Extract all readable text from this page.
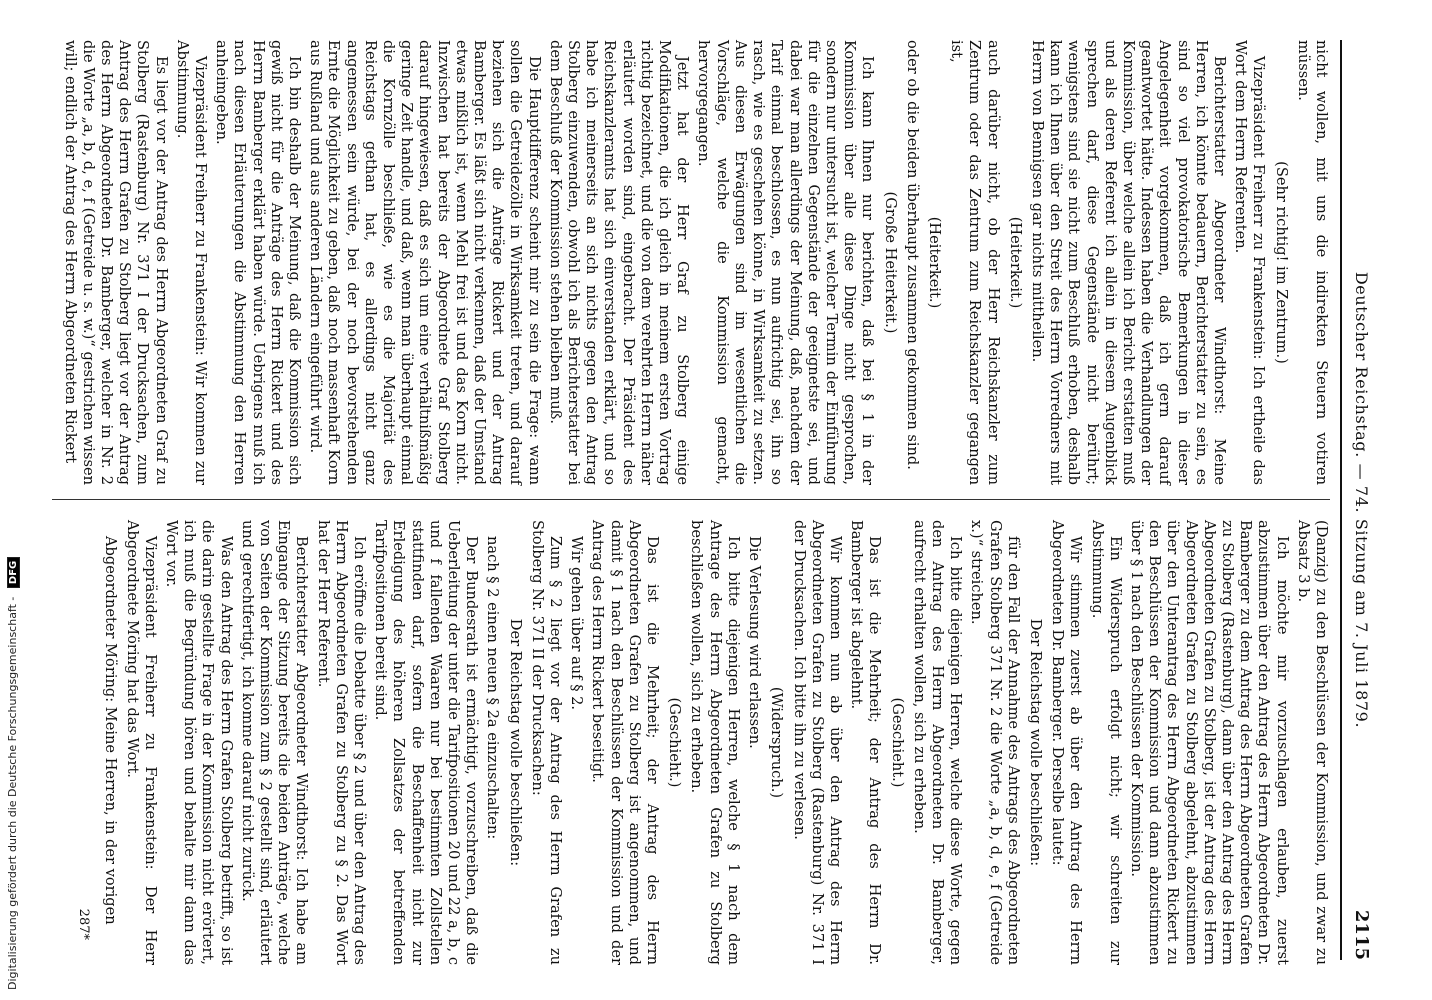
Deutscher Reichstag. — 74. Sitzung am 7. Juli 1879.
2115

nicht wollen, mit uns die indirekten Steuern votiren müssen.

(Sehr richtig! im Zentrum.)

Vizepräsident Freiherr zu Frankenstein: Ich ertheile das Wort dem Herrn Referenten.

Berichterstatter Abgeordneter Windthorst: Meine Herren, ich könnte bedauern, Berichterstatter zu sein, es sind so viel provokatorische Bemerkungen in dieser Angelegenheit vorgekommen, daß ich gern darauf geantwortet hätte. Indessen haben die Verhandlungen der Kommission, über welche allein ich Bericht erstatten muß und als deren Referent ich allein in diesem Augenblick sprechen darf, diese Gegenstände nicht berührt; wenigstens sind sie nicht zum Beschluß erhoben, deshalb kann ich Ihnen über den Streit des Herrn Vorredners mit Herrn von Bennigsen gar nichts mittheilen.

(Heiterkeit.)

auch darüber nicht, ob der Herr Reichskanzler zum Zentrum oder das Zentrum zum Reichskanzler gegangen ist,

(Heiterkeit.)

oder ob die beiden überhaupt zusammen gekommen sind.

(Große Heiterkeit.)

Ich kann Ihnen nur berichten, daß bei § 1 in der Kommission über alle diese Dinge nicht gesprochen, sondern nur untersucht ist, welcher Termin der Einführung für die einzelnen Gegenstände der geeignetste sei, und dabei war man allerdings der Meinung, daß, nachdem der Tarif einmal beschlossen, es nun aufrichtig sei, ihn so rasch, wie es geschehen könne, in Wirksamkeit zu setzen. Aus diesen Erwägungen sind im wesentlichen die Vorschläge, welche die Kommission gemacht, hervorgegangen.

Jetzt hat der Herr Graf zu Stolberg einige Modifikationen, die ich gleich in meinem ersten Vortrag richtig bezeichnet, und die von dem verehrten Herrn näher erläutert worden sind, eingebracht. Der Präsident des Reichskanzleramts hat sich einverstanden erklärt, und so habe ich meinerseits an sich nichts gegen den Antrag Stolberg einzuwenden, obwohl ich als Berichterstatter bei dem Beschluß der Kommission stehen bleiben muß.

Die Hauptdifferenz scheint mir zu sein die Frage: wann sollen die Getreidezölle in Wirksamkeit treten, und darauf beziehen sich die Anträge Rickert und der Antrag Bamberger. Es läßt sich nicht verkennen, daß der Umstand etwas mißlich ist, wenn Mehl frei ist und das Korn nicht. Inzwischen hat bereits der Abgeordnete Graf Stolberg darauf hingewiesen, daß es sich um eine verhältnißmäßig geringe Zeit handle, und daß, wenn man überhaupt einmal die Kornzölle beschließe, wie es die Majorität des Reichstags gethan hat, es allerdings nicht ganz angemessen sein würde, bei der noch bevorstehenden Ernte die Möglichkeit zu geben, daß noch massenhaft Korn aus Rußland und aus anderen Ländern eingeführt wird.

Ich bin deshalb der Meinung, daß die Kommission sich gewiß nicht für die Anträge des Herrn Rickert und des Herrn Bamberger erklärt haben würde. Uebrigens muß ich nach diesen Erläuterungen die Abstimmung den Herren anheimgeben.

Vizepräsident Freiherr zu Frankenstein: Wir kommen zur Abstimmung.

Es liegt vor der Antrag des Herrn Abgeordneten Graf zu Stolberg (Rastenburg) Nr. 371 I der Drucksachen, zum Antrag des Herrn Grafen zu Stolberg liegt vor der Antrag des Herrn Abgeordneten Dr. Bamberger, welcher in Nr. 2 die Worte „a, b, d, e, f (Getreide u. s. w.)“ gestrichen wissen will; endlich der Antrag des Herrn Abgeordneten Rickert

(Danzig) zu den Beschlüssen der Kommission, und zwar zu Absatz 3 b.

Ich möchte mir vorzuschlagen erlauben, zuerst abzustimmen über den Antrag des Herrn Abgeordneten Dr. Bamberger zu dem Antrag des Herrn Abgeordneten Grafen zu Stolberg (Rastenburg), dann über den Antrag des Herrn Abgeordneten Grafen zu Stolberg, ist der Antrag des Herrn Abgeordneten Grafen zu Stolberg abgelehnt, abzustimmen über den Unterantrag des Herrn Abgeordneten Rickert zu den Beschlüssen der Kommission und dann abzustimmen über § 1 nach den Beschlüssen der Kommission.

Ein Widerspruch erfolgt nicht; wir schreiten zur Abstimmung.

Wir stimmen zuerst ab über den Antrag des Herrn Abgeordneten Dr. Bamberger. Derselbe lautet:

Der Reichstag wolle beschließen:

für den Fall der Annahme des Antrags des Abgeordneten Grafen Stolberg 371 Nr. 2 die Worte „a, b, d, e, f (Getreide x.)“ streichen.

Ich bitte diejenigen Herren, welche diese Worte, gegen den Antrag des Herrn Abgeordneten Dr. Bamberger, aufrecht erhalten wollen, sich zu erheben.

(Geschieht.)

Das ist die Mehrheit; der Antrag des Herrn Dr. Bamberger ist abgelehnt.

Wir kommen nun ab über den Antrag des Herrn Abgeordneten Grafen zu Stolberg (Rastenburg) Nr. 371 I der Drucksachen. Ich bitte ihn zu verlesen.

(Widerspruch.)

Die Verlesung wird erlassen.

Ich bitte diejenigen Herren, welche § 1 nach dem Antrage des Herrn Abgeordneten Grafen zu Stolberg beschließen wollen, sich zu erheben.

(Geschieht.)

Das ist die Mehrheit; der Antrag des Herrn Abgeordneten Grafen zu Stolberg ist angenommen, und damit § 1 nach den Beschlüssen der Kommission und der Antrag des Herrn Rickert beseitigt.

Wir gehen über auf § 2.

Zum § 2 liegt vor der Antrag des Herrn Grafen zu Stolberg Nr. 371 II der Drucksachen:

Der Reichstag wolle beschließen:

nach § 2 einen neuen § 2a einzuschalten:

Der Bundesrath ist ermächtigt, vorzuschreiben, daß die Ueberleitung der unter die Tarifpositionen 20 und 22 a, b, c und f fallenden Waaren nur bei bestimmten Zollstellen stattfinden darf, sofern die Beschaffenheit nicht zur Erledigung des höheren Zollsatzes der betreffenden Tarifpositionen bereit sind.

Ich eröffne die Debatte über § 2 und über den Antrag des Herrn Abgeordneten Grafen zu Stolberg zu § 2. Das Wort hat der Herr Referent.

Berichterstatter Abgeordneter Windthorst: Ich habe am Eingange der Sitzung bereits die beiden Anträge, welche von Seiten der Kommission zum § 2 gestellt sind, erläutert und gerechtfertigt, ich komme darauf nicht zurück.

Was den Antrag des Herrn Grafen Stolberg betrifft, so ist die darin gestellte Frage in der Kommission nicht erörtert, ich muß die Begründung hören und behalte mir dann das Wort vor.

Vizepräsident Freiherr zu Frankenstein: Der Herr Abgeordnete Möring hat das Wort.

Abgeordneter Möring: Meine Herren, in der vorigen

287*
Digitalisierung gefördert durch die Deutsche Forschungsgemeinschaft - DFG
